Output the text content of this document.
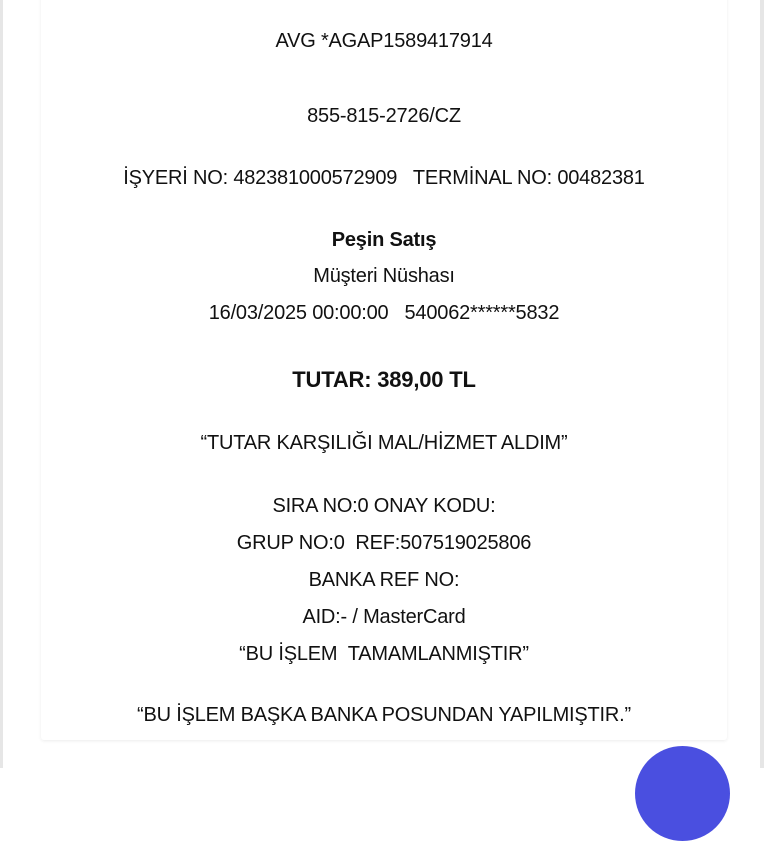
AVG *AGAP1589417914
855-815-2726/CZ
İŞYERİ NO: 482381000572909   TERMİNAL NO: 00482381
Peşin Satış
Müşteri Nüshası
16/03/2025 00:00:00   540062******5832
TUTAR: 389,00 TL
“TUTAR KARŞILIĞI MAL/HİZMET ALDIM”
SIRA NO:0 ONAY KODU:
GRUP NO:0  REF:507519025806
BANKA REF NO:
AID:- / MasterCard
“BU İŞLEM  TAMAMLANMIŞTIR”
“BU İŞLEM BAŞKA BANKA POSUNDAN YAPILMIŞTIR.”
